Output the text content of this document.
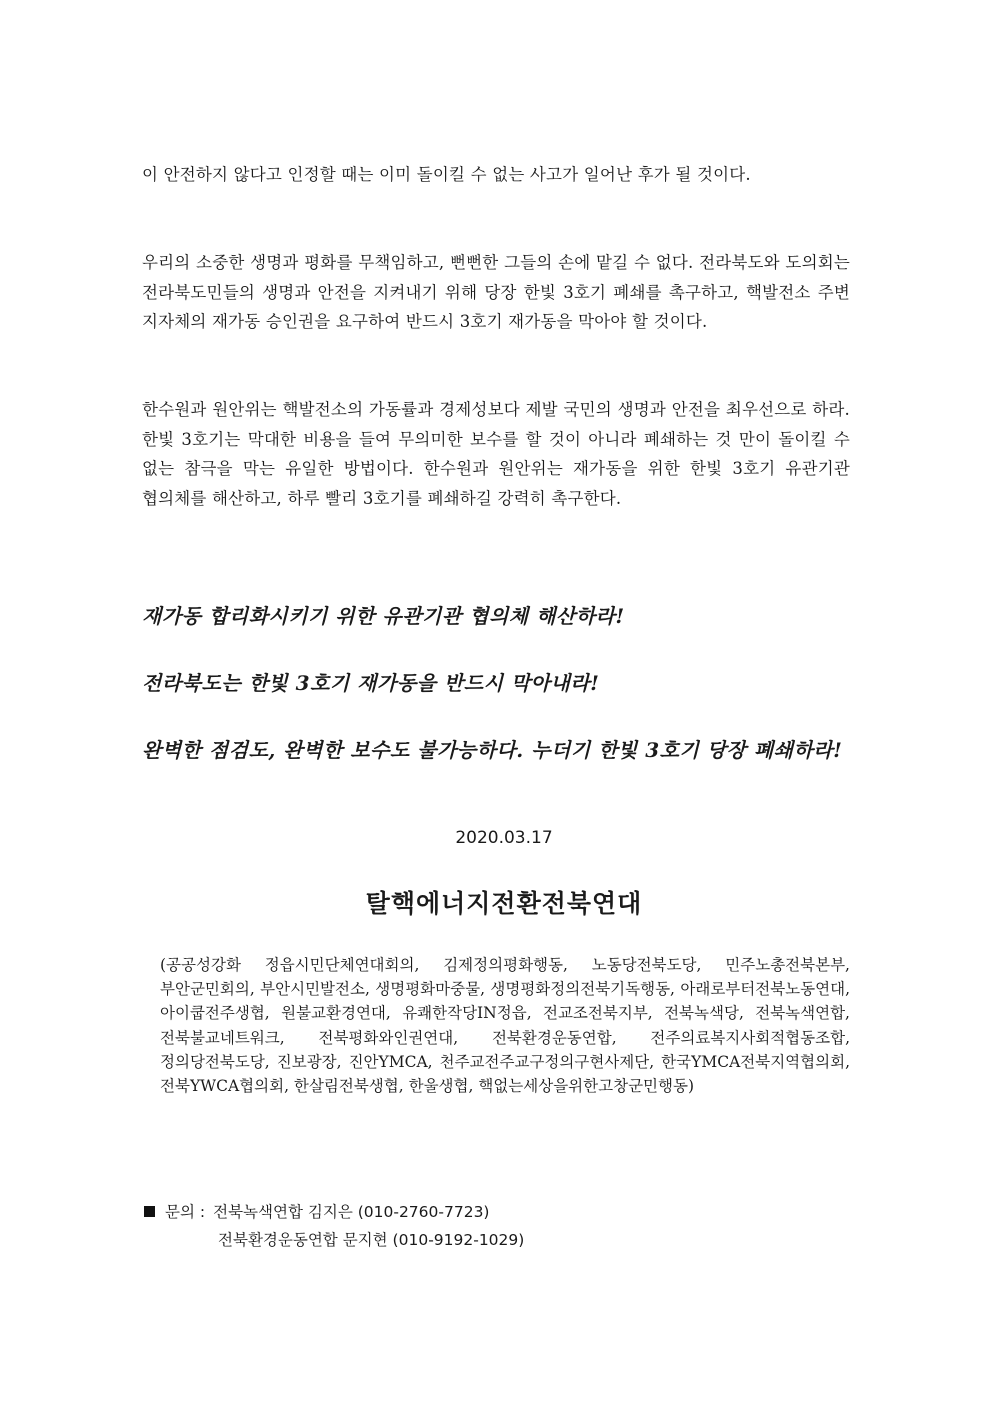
이 안전하지 않다고 인정할 때는 이미 돌이킬 수 없는 사고가 일어난 후가 될 것이다.

우리의 소중한 생명과 평화를 무책임하고, 뻔뻔한 그들의 손에 맡길 수 없다. 전라북도와 도의회는 전라북도민들의 생명과 안전을 지켜내기 위해 당장 한빛 3호기 폐쇄를 촉구하고, 핵발전소 주변 지자체의 재가동 승인권을 요구하여 반드시 3호기 재가동을 막아야 할 것이다.

한수원과 원안위는 핵발전소의 가동률과 경제성보다 제발 국민의 생명과 안전을 최우선으로 하라. 한빛 3호기는 막대한 비용을 들여 무의미한 보수를 할 것이 아니라 폐쇄하는 것 만이 돌이킬 수 없는 참극을 막는 유일한 방법이다. 한수원과 원안위는 재가동을 위한 한빛 3호기 유관기관 협의체를 해산하고, 하루 빨리 3호기를 폐쇄하길 강력히 촉구한다.

재가동 합리화시키기 위한 유관기관 협의체 해산하라!
전라북도는 한빛 3호기 재가동을 반드시 막아내라!
완벽한 점검도, 완벽한 보수도 불가능하다. 누더기 한빛 3호기 당장 폐쇄하라!
2020.03.17
탈핵에너지전환전북연대
(공공성강화 정읍시민단체연대회의, 김제정의평화행동, 노동당전북도당, 민주노총전북본부, 부안군민회의, 부안시민발전소, 생명평화마중물, 생명평화정의전북기독행동, 아래로부터전북노동연대, 아이쿱전주생협, 원불교환경연대, 유쾌한작당IN정읍, 전교조전북지부, 전북녹색당, 전북녹색연합, 전북불교네트워크, 전북평화와인권연대, 전북환경운동연합, 전주의료복지사회적협동조합, 정의당전북도당, 진보광장, 진안YMCA, 천주교전주교구정의구현사제단, 한국YMCA전북지역협의회, 전북YWCA협의회, 한살림전북생협, 한울생협, 핵없는세상을위한고창군민행동)
문의 : 전북녹색연합 김지은 (010-2760-7723)
전북환경운동연합 문지현 (010-9192-1029)
